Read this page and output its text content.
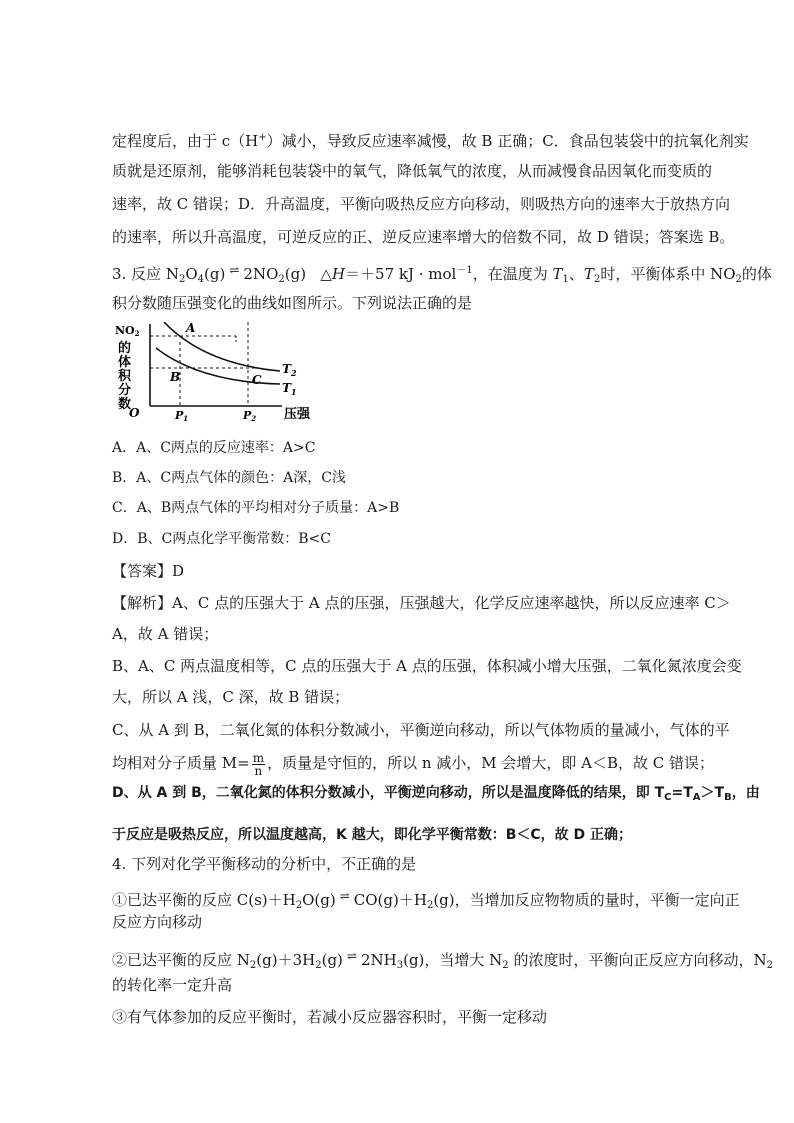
定程度后，由于 c（H+）减小，导致反应速率减慢，故 B 正确；C．食品包装袋中的抗氧化剂实
质就是还原剂，能够消耗包装袋中的氧气，降低氧气的浓度，从而减慢食品因氧化而变质的
速率，故 C 错误；D．升高温度，平衡向吸热反应方向移动，则吸热方向的速率大于放热方向
的速率，所以升高温度，可逆反应的正、逆反应速率增大的倍数不同，故 D 错误；答案选 B。
3. 反应 $N_2O_4(g)$ ⇌ $2NO_2(g)$ △H＝＋57 kJ · mol$^{-1}$，在温度为 $T_1$、$T_2$时，平衡体系中 $NO_2$的体
积分数随压强变化的曲线如图所示。下列说法正确的是
NO2
的
体
积
分
数
O	压强
A
B	C
$T_2$
$T_1$
P1	P2
A．A、C两点的反应速率：A>C
B．A、C两点气体的颜色：A深，C浅
C．A、B两点气体的平均相对分子质量：A>B
D．B、C两点化学平衡常数：B<C
【答案】D
【解析】A、C 点的压强大于 A 点的压强，压强越大，化学反应速率越快，所以反应速率 C＞
A，故 A 错误；
B、A、C 两点温度相等，C 点的压强大于 A 点的压强，体积减小增大压强，二氧化氮浓度会变
大，所以 A 浅，C 深，故 B 错误；
C、从 A 到 B，二氧化氮的体积分数减小，平衡逆向移动，所以气体物质的量减小，气体的平
均相对分子质量 $M= \frac{m}{n}$ ，质量是守恒的，所以 n 减小，M 会增大，即 A＜B，故 C 错误；
D、从 A 到 B，二氧化氮的体积分数减小，平衡逆向移动，所以是温度降低的结果，即 $T_C=T_A>T_B$，由
于反应是吸热反应，所以温度越高，K 越大，即化学平衡常数：B＜C，故 D 正确；
4. 下列对化学平衡移动的分析中，不正确的是
①已达平衡的反应 $C(s)+H_2O(g)$ ⇌ $CO(g)+H_2(g)$，当增加反应物物质的量时，平衡一定向正
反应方向移动
②已达平衡的反应 $N_2(g)+3H_2(g)$ ⇌ $2NH_3(g)$，当增大 $N_2$ 的浓度时，平衡向正反应方向移动，$N_2$
的转化率一定升高
③有气体参加的反应平衡时，若减小反应器容积时，平衡一定移动
